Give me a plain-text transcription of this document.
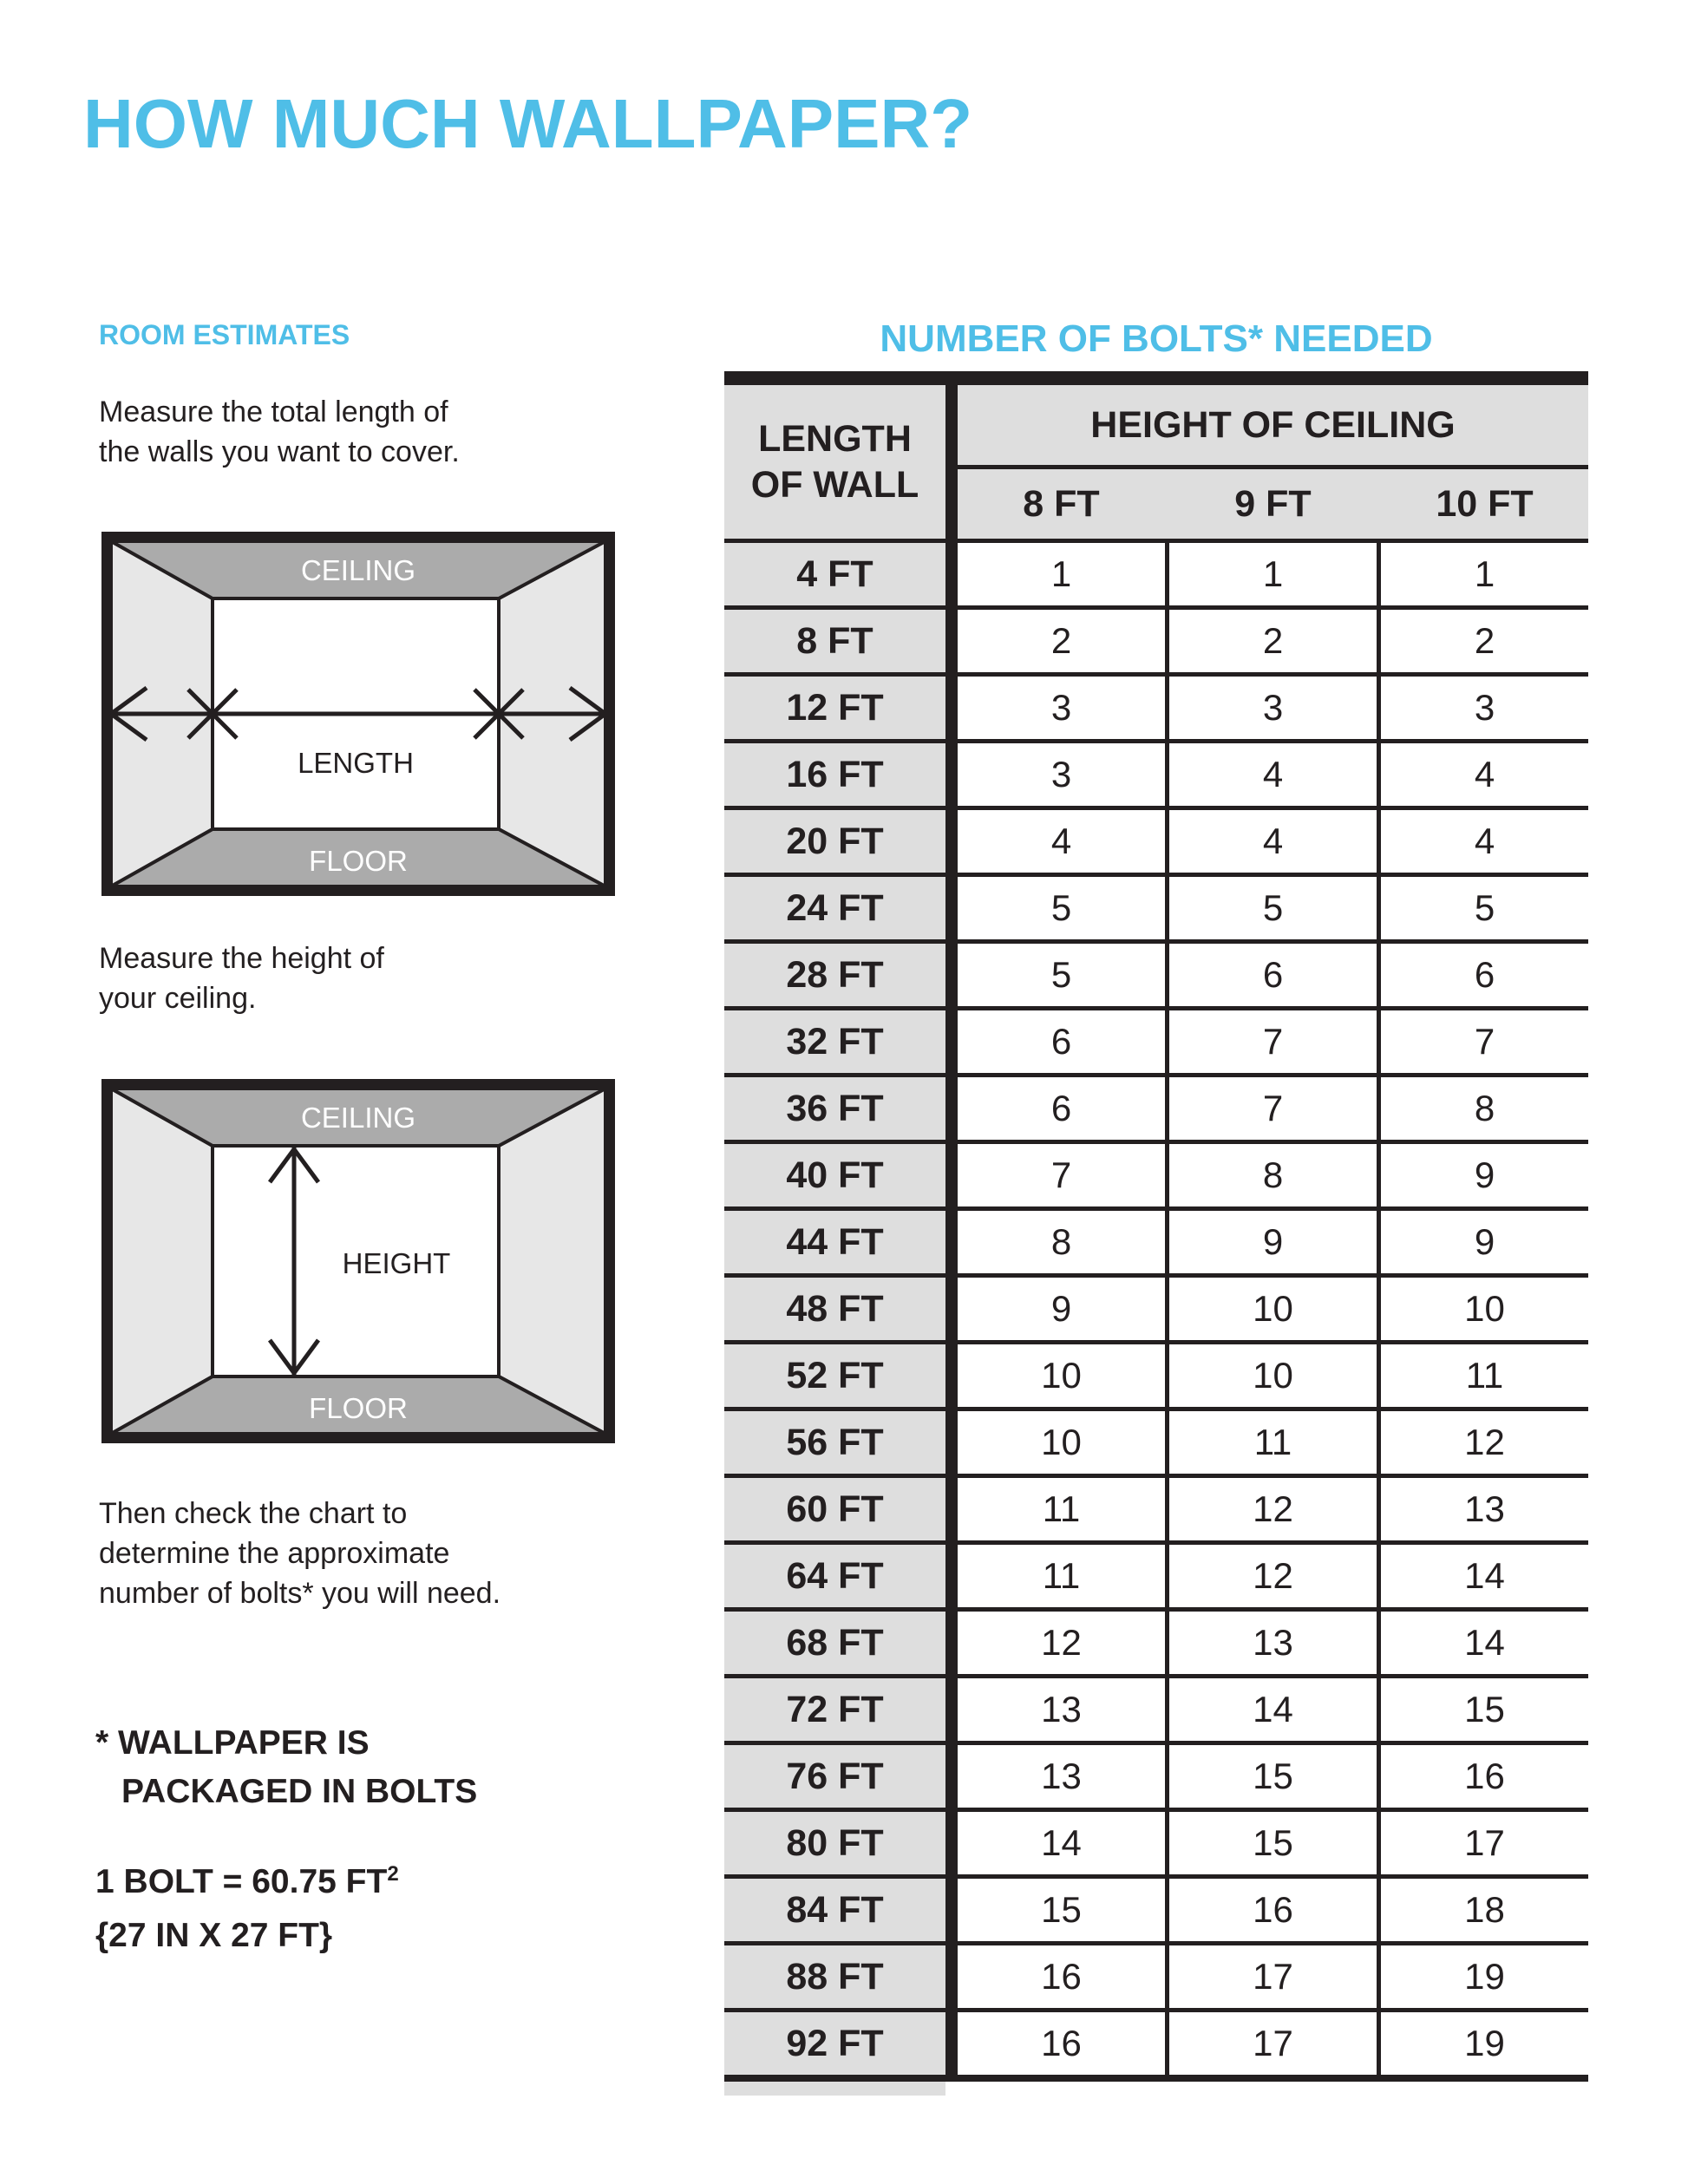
HOW MUCH WALLPAPER?
ROOM ESTIMATES

Measure the total length of
the walls you want to cover.

CEILING
FLOOR
LENGTH

Measure the height of
your ceiling.

CEILING
FLOOR
HEIGHT

Then check the chart to
determine the approximate
number of bolts* you will need.

* WALLPAPER IS
PACKAGED IN BOLTS

1 BOLT = 60.75 $FT^2$
{27 IN X 27 FT}

NUMBER OF BOLTS* NEEDED
LENGTH
OF WALL
HEIGHT OF CEILING
8 FT	9 FT	10 FT
4 FT	1	1	1
8 FT	2	2	2
12 FT	3	3	3
16 FT	3	4	4
20 FT	4	4	4
24 FT	5	5	5
28 FT	5	6	6
32 FT	6	7	7
36 FT	6	7	8
40 FT	7	8	9
44 FT	8	9	9
48 FT	9	10	10
52 FT	10	10	11
56 FT	10	11	12
60 FT	11	12	13
64 FT	11	12	14
68 FT	12	13	14
72 FT	13	14	15
76 FT	13	15	16
80 FT	14	15	17
84 FT	15	16	18
88 FT	16	17	19
92 FT	16	17	19
